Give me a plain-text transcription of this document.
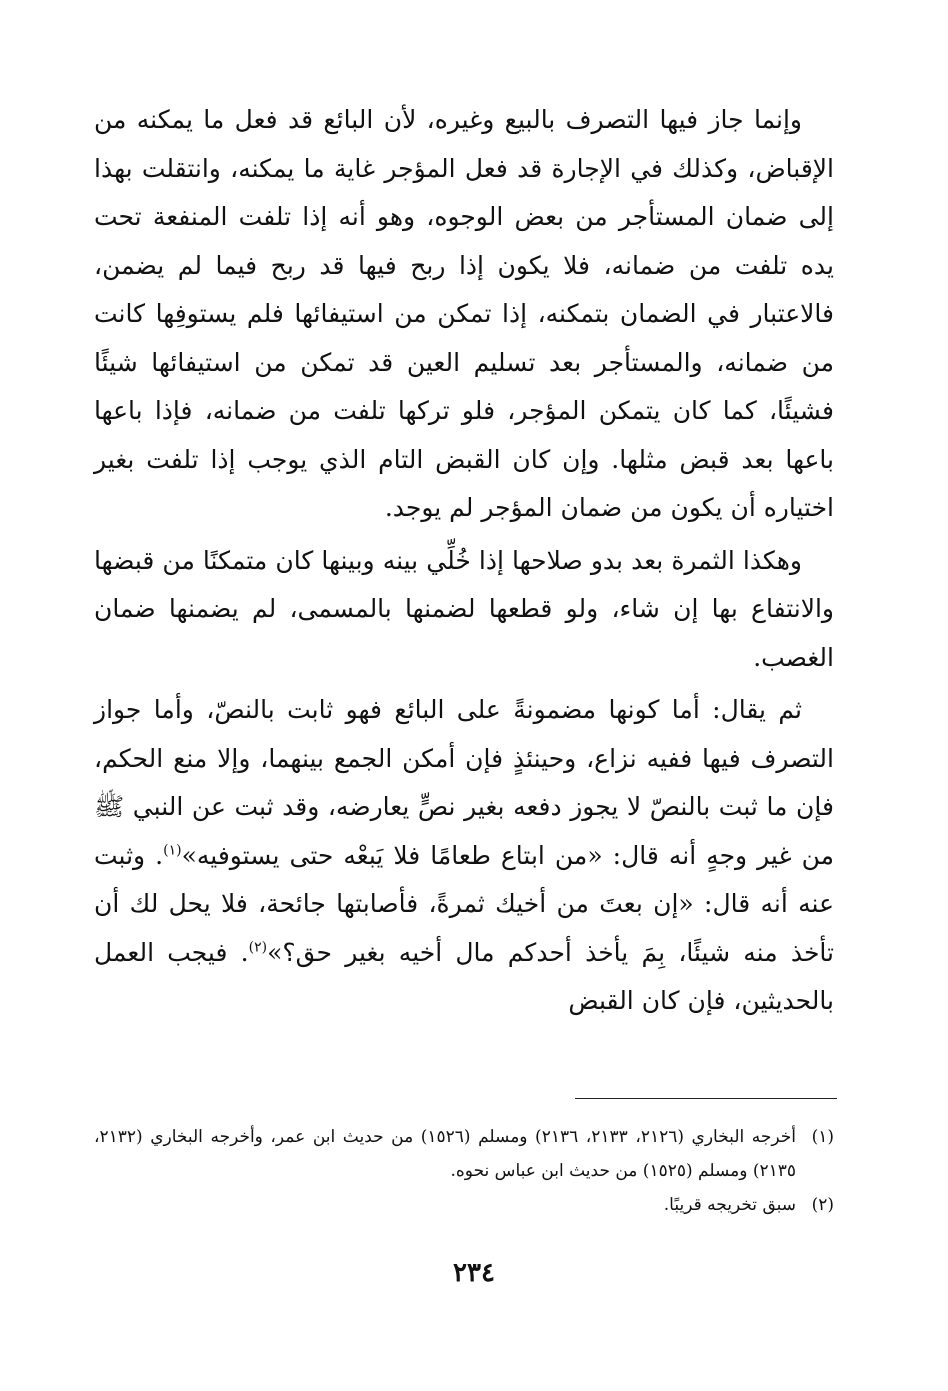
وإنما جاز فيها التصرف بالبيع وغيره، لأن البائع قد فعل ما يمكنه من الإقباض، وكذلك في الإجارة قد فعل المؤجر غاية ما يمكنه، وانتقلت بهذا إلى ضمان المستأجر من بعض الوجوه، وهو أنه إذا تلفت المنفعة تحت يده تلفت من ضمانه، فلا يكون إذا ربح فيها قد ربح فيما لم يضمن، فالاعتبار في الضمان بتمكنه، إذا تمكن من استيفائها فلم يستوفِها كانت من ضمانه، والمستأجر بعد تسليم العين قد تمكن من استيفائها شيئًا فشيئًا، كما كان يتمكن المؤجر، فلو تركها تلفت من ضمانه، فإذا باعها باعها بعد قبض مثلها. وإن كان القبض التام الذي يوجب إذا تلفت بغير اختياره أن يكون من ضمان المؤجر لم يوجد.

وهكذا الثمرة بعد بدو صلاحها إذا خُلِّي بينه وبينها كان متمكنًا من قبضها والانتفاع بها إن شاء، ولو قطعها لضمنها بالمسمى، لم يضمنها ضمان الغصب.

ثم يقال: أما كونها مضمونةً على البائع فهو ثابت بالنصّ، وأما جواز التصرف فيها ففيه نزاع، وحينئذٍ فإن أمكن الجمع بينهما، وإلا منع الحكم، فإن ما ثبت بالنصّ لا يجوز دفعه بغير نصٍّ يعارضه، وقد ثبت عن النبي ﷺ من غير وجهٍ أنه قال: «من ابتاع طعامًا فلا يَبعْه حتى يستوفيه»$^{(١)}$. وثبت عنه أنه قال: «إن بعتَ من أخيك ثمرةً، فأصابتها جائحة، فلا يحل لك أن تأخذ منه شيئًا، بِمَ يأخذ أحدكم مال أخيه بغير حق؟»$^{(٢)}$. فيجب العمل بالحديثين، فإن كان القبض

(١)
أخرجه البخاري (٢١٢٦، ٢١٣٣، ٢١٣٦) ومسلم (١٥٢٦) من حديث ابن عمر، وأخرجه البخاري (٢١٣٢، ٢١٣٥) ومسلم (١٥٢٥) من حديث ابن عباس نحوه.
(٢)
سبق تخريجه قريبًا.
٢٣٤
